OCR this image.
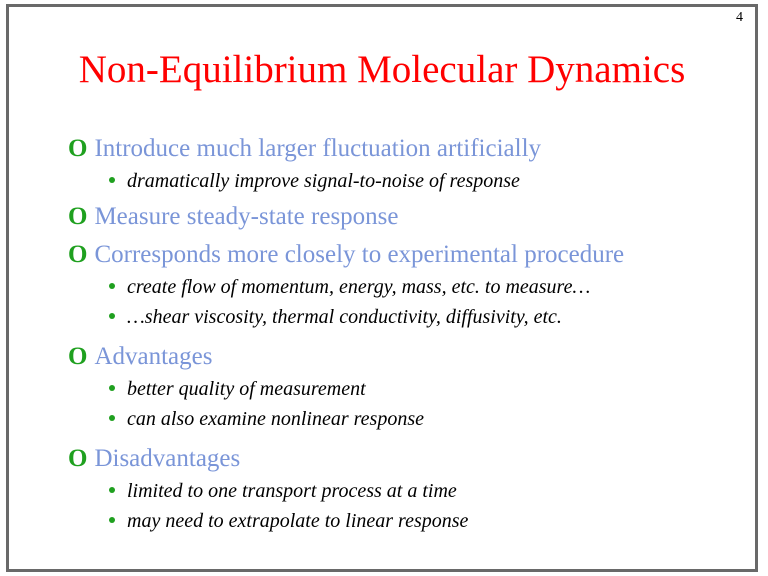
4
Non-Equilibrium Molecular Dynamics
O Introduce much larger fluctuation artificially
dramatically improve signal-to-noise of response
O Measure steady-state response
O Corresponds more closely to experimental procedure
create flow of momentum, energy, mass, etc. to measure…
…shear viscosity, thermal conductivity, diffusivity, etc.
O Advantages
better quality of measurement
can also examine nonlinear response
O Disadvantages
limited to one transport process at a time
may need to extrapolate to linear response
